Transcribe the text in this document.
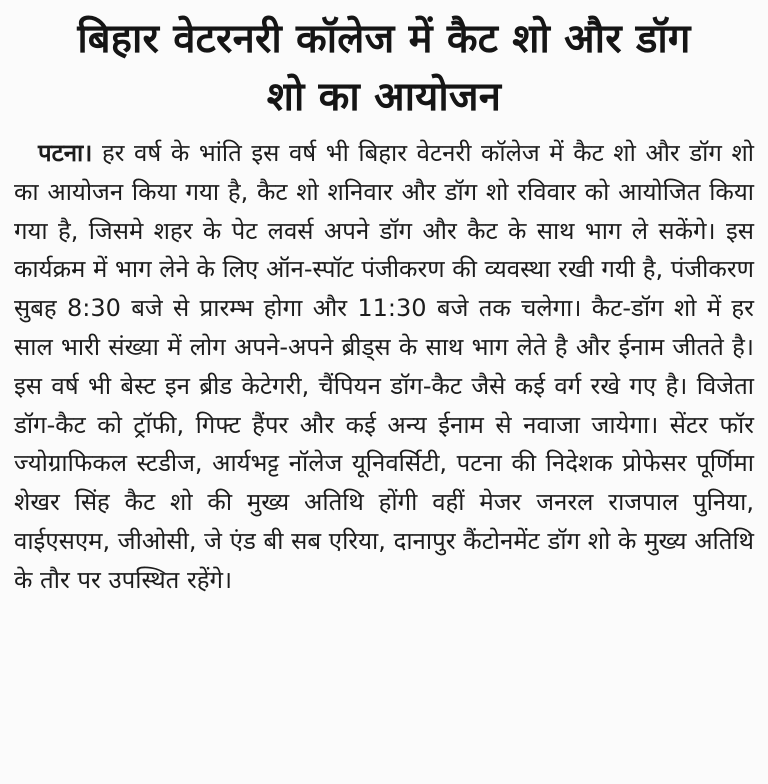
बिहार वेटरनरी कॉलेज में कैट शो और डॉग
शो का आयोजन
पटना। हर वर्ष के भांति इस वर्ष भी बिहार वेटनरी कॉलेज में कैट शो और डॉग शो का आयोजन किया गया है, कैट शो शनिवार और डॉग शो रविवार को आयोजित किया गया है, जिसमे शहर के पेट लवर्स अपने डॉग और कैट के साथ भाग ले सकेंगे। इस कार्यक्रम में भाग लेने के लिए ऑन-स्पॉट पंजीकरण की व्यवस्था रखी गयी है, पंजीकरण सुबह 8:30 बजे से प्रारम्भ होगा और 11:30 बजे तक चलेगा। कैट-डॉग शो में हर साल भारी संख्या में लोग अपने-अपने ब्रीड्स के साथ भाग लेते है और ईनाम जीतते है। इस वर्ष भी बेस्ट इन ब्रीड केटेगरी, चैंपियन डॉग-कैट जैसे कई वर्ग रखे गए है। विजेता डॉग-कैट को ट्रॉफी, गिफ्ट हैंपर और कई अन्य ईनाम से नवाजा जायेगा। सेंटर फॉर ज्योग्राफिकल स्टडीज, आर्यभट्ट नॉलेज यूनिवर्सिटी, पटना की निदेशक प्रोफेसर पूर्णिमा शेखर सिंह कैट शो की मुख्य अतिथि होंगी वहीं मेजर जनरल राजपाल पुनिया, वाईएसएम, जीओसी, जे एंड बी सब एरिया, दानापुर कैंटोनमेंट डॉग शो के मुख्य अतिथि के तौर पर उपस्थित रहेंगे।
